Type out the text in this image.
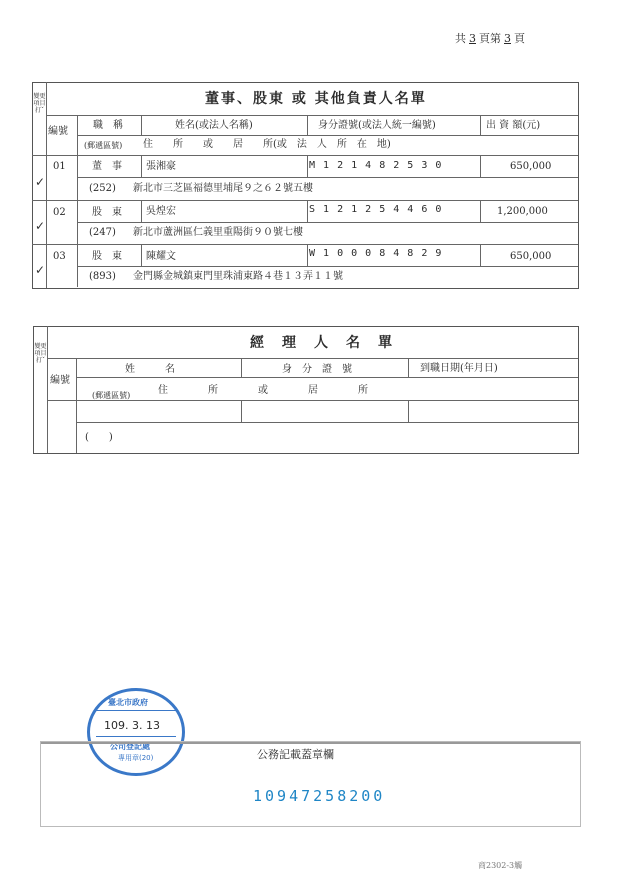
共 3 頁第 3 頁
變更 項目 打ˇ
董事、股東 或 其他負責人名單
編號
職　稱	姓名(或法人名稱)	身分證號(或法人統一編號)	出 資 額(元)
(郵遞區號) 住　　所　　或　　居　　所(或　法　人　所　在　地)
01
✓
董　事 張湘豪	M 1 2 1 4 8 2 5 3 0	650,000
(252) 新北市三芝區福德里埔尾９之６２號五樓
02
✓
股　東 吳煌宏	S 1 2 1 2 5 4 4 6 0	1,200,000
(247) 新北市蘆洲區仁義里重陽街９０號七樓
03
✓
股　東 陳耀文	W 1 0 0 0 8 4 8 2 9	650,000
(893) 金門縣金城鎮東門里珠浦東路４巷１３弄１１號
變更 項目 打ˇ
經　理　人　名　單
編號
姓　　　名	身　分　證　號	到職日期(年月日)
(郵遞區號)	住　　　　所　　　　或　　　　居　　　　所
(　　)
臺北市政府
109. 3. 13
公司登記處
專用章(20)	公務記載蓋章欄
10947258200
商2302-3觸
